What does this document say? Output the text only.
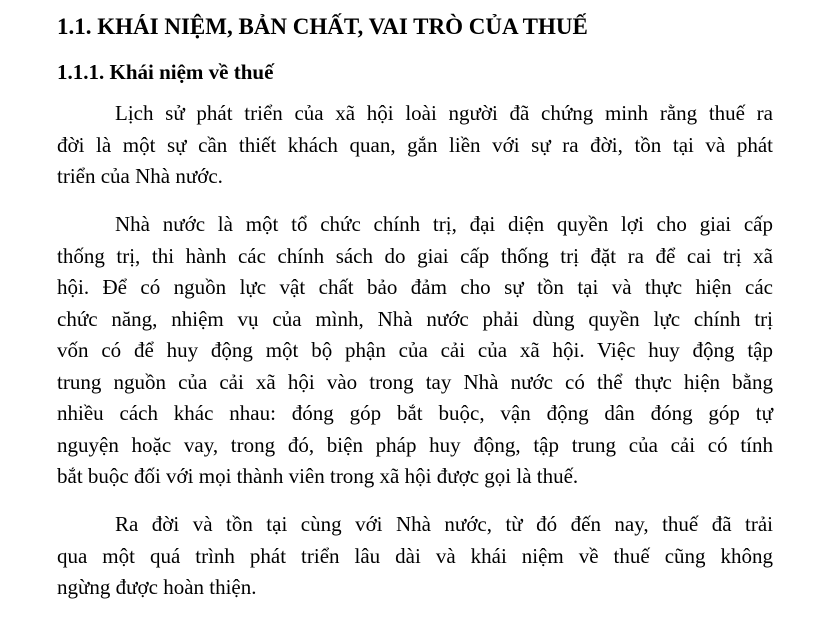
1.1. KHÁI NIỆM, BẢN CHẤT, VAI TRÒ CỦA THUẾ
1.1.1. Khái niệm về thuế

Lịch sử phát triển của xã hội loài người đã chứng minh rằng thuế ra
đời là một sự cần thiết khách quan, gắn liền với sự ra đời, tồn tại và phát
triển của Nhà nước.

Nhà nước là một tổ chức chính trị, đại diện quyền lợi cho giai cấp
thống trị, thi hành các chính sách do giai cấp thống trị đặt ra để cai trị xã
hội. Để có nguồn lực vật chất bảo đảm cho sự tồn tại và thực hiện các
chức năng, nhiệm vụ của mình, Nhà nước phải dùng quyền lực chính trị
vốn có để huy động một bộ phận của cải của xã hội. Việc huy động tập
trung nguồn của cải xã hội vào trong tay Nhà nước có thể thực hiện bằng
nhiều cách khác nhau: đóng góp bắt buộc, vận động dân đóng góp tự
nguyện hoặc vay, trong đó, biện pháp huy động, tập trung của cải có tính
bắt buộc đối với mọi thành viên trong xã hội được gọi là thuế.

Ra đời và tồn tại cùng với Nhà nước, từ đó đến nay, thuế đã trải
qua một quá trình phát triển lâu dài và khái niệm về thuế cũng không
ngừng được hoàn thiện.
